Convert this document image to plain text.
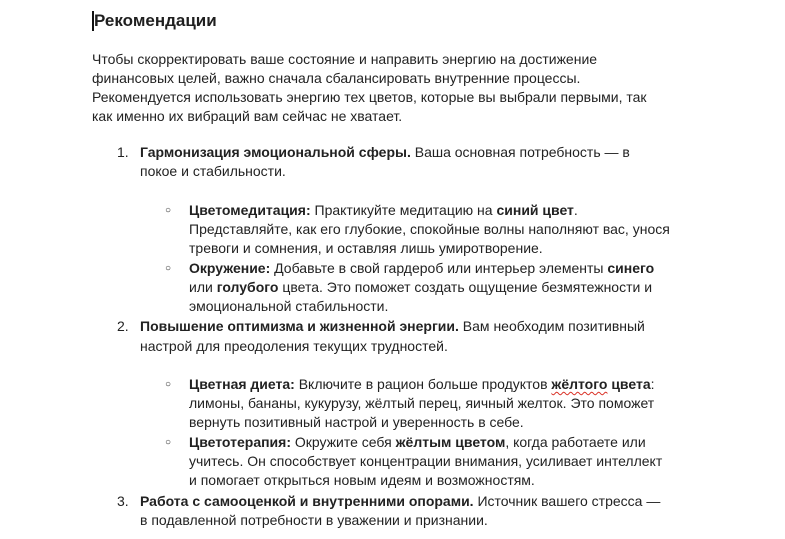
Рекомендации
Чтобы скорректировать ваше состояние и направить энергию на достижение
финансовых целей, важно сначала сбалансировать внутренние процессы.
Рекомендуется использовать энергию тех цветов, которые вы выбрали первыми, так
как именно их вибраций вам сейчас не хватает.
1. Гармонизация эмоциональной сферы. Ваша основная потребность — в
покое и стабильности.
○ Цветомедитация: Практикуйте медитацию на синий цвет.
Представляйте, как его глубокие, спокойные волны наполняют вас, унося
тревоги и сомнения, и оставляя лишь умиротворение.
○ Окружение: Добавьте в свой гардероб или интерьер элементы синего
или голубого цвета. Это поможет создать ощущение безмятежности и
эмоциональной стабильности.
2. Повышение оптимизма и жизненной энергии. Вам необходим позитивный
настрой для преодоления текущих трудностей.
○ Цветная диета: Включите в рацион больше продуктов жёлтого цвета:
лимоны, бананы, кукурузу, жёлтый перец, яичный желток. Это поможет
вернуть позитивный настрой и уверенность в себе.
○ Цветотерапия: Окружите себя жёлтым цветом, когда работаете или
учитесь. Он способствует концентрации внимания, усиливает интеллект
и помогает открыться новым идеям и возможностям.
3. Работа с самооценкой и внутренними опорами. Источник вашего стресса —
в подавленной потребности в уважении и признании.
